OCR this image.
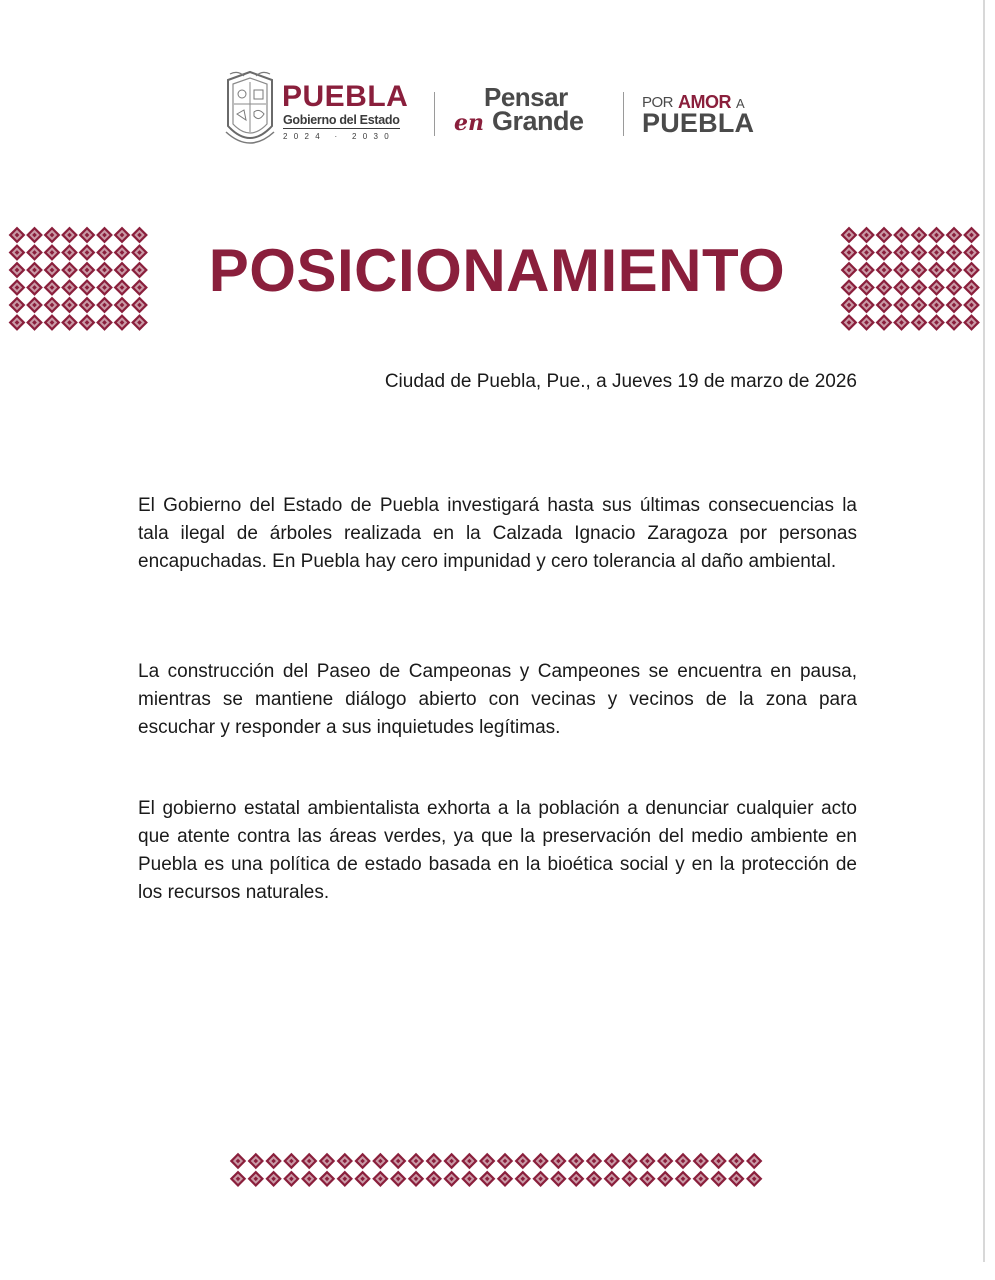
PUEBLA
Gobierno del Estado
2024 · 2030
Pensar
en Grande
POR AMOR A
PUEBLA
POSICIONAMIENTO
Ciudad de Puebla, Pue., a Jueves 19 de marzo de 2026

El Gobierno del Estado de Puebla investigará hasta sus últimas consecuencias la tala ilegal de árboles realizada en la Calzada Ignacio Zaragoza por personas encapuchadas. En Puebla hay cero impunidad y cero tolerancia al daño ambiental.

La construcción del Paseo de Campeonas y Campeones se encuentra en pausa, mientras se mantiene diálogo abierto con vecinas y vecinos de la zona para escuchar y responder a sus inquietudes legítimas.

El gobierno estatal ambientalista exhorta a la población a denunciar cualquier acto que atente contra las áreas verdes, ya que la preservación del medio ambiente en Puebla es una política de estado basada en la bioética social y en la protección de los recursos naturales.
